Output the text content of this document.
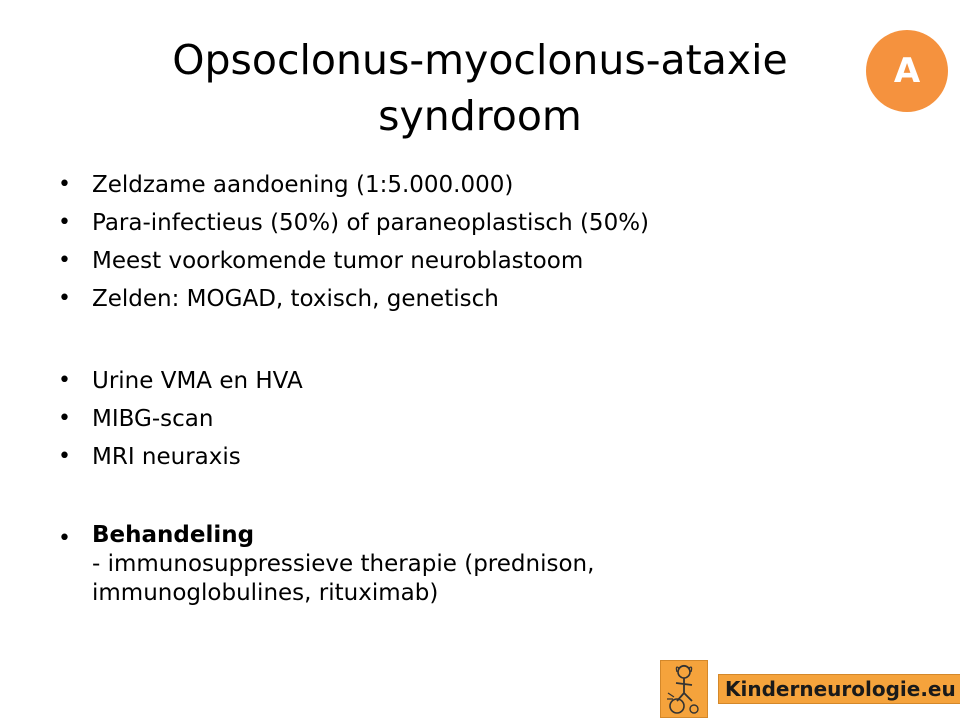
Opsoclonus-myoclonus-ataxie
syndroom
A
• Zeldzame aandoening (1:5.000.000)
• Para-infectieus (50%) of paraneoplastisch (50%)
• Meest voorkomende tumor neuroblastoom
• Zelden: MOGAD, toxisch, genetisch
• Urine VMA en HVA
• MIBG-scan
• MRI neuraxis
• Behandeling
- immunosuppressieve therapie (prednison,
immunoglobulines, rituximab)
Kinderneurologie.eu
